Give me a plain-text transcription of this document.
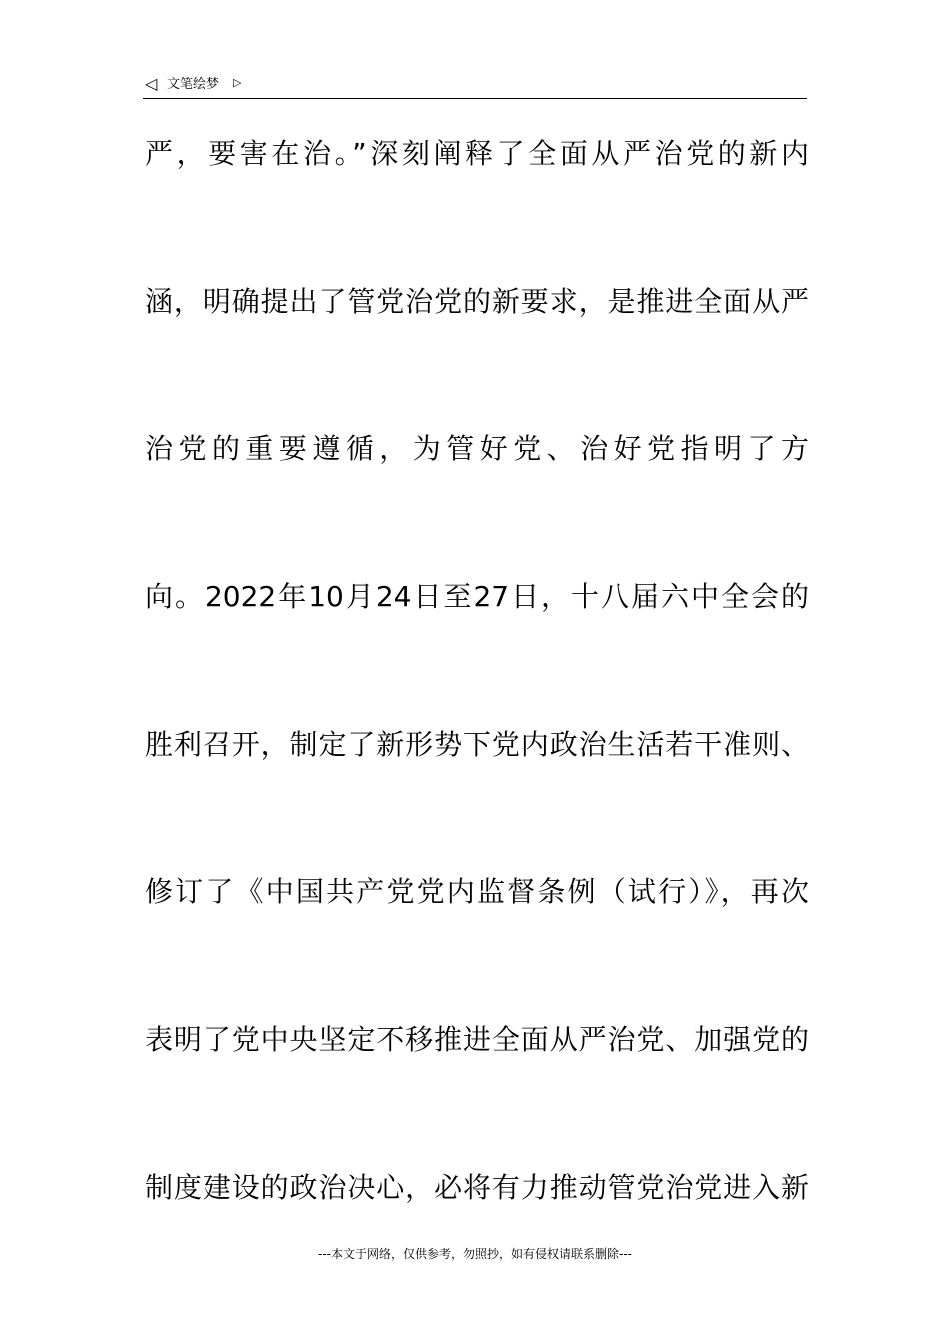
◁ 文笔绘梦 ▷
严，要害在治。”深刻阐释了全面从严治党的新内
涵，明确提出了管党治党的新要求，是推进全面从严
治党的重要遵循，为管好党、治好党指明了方
向。2022年10月24日至27日，十八届六中全会的
胜利召开，制定了新形势下党内政治生活若干准则、
修订了《中国共产党党内监督条例（试行）》，再次
表明了党中央坚定不移推进全面从严治党、加强党的
制度建设的政治决心，必将有力推动管党治党进入新
---本文于网络，仅供参考，勿照抄，如有侵权请联系删除---
